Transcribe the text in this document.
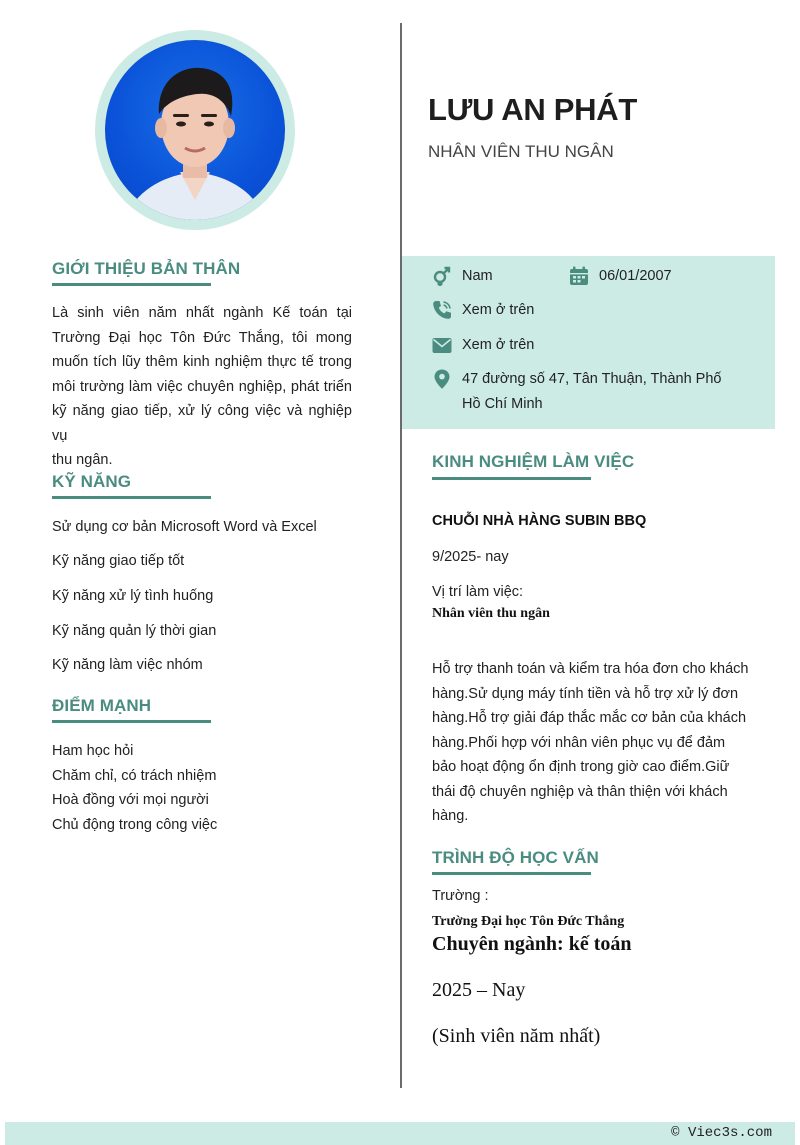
GIỚI THIỆU BẢN THÂN
Là sinh viên năm nhất ngành Kế toán tại
Trường Đại học Tôn Đức Thắng, tôi mong
muốn tích lũy thêm kinh nghiệm thực tế trong
môi trường làm việc chuyên nghiệp, phát triển
kỹ năng giao tiếp, xử lý công việc và nghiệp vụ
thu ngân.
KỸ NĂNG
Sử dụng cơ bản Microsoft Word và Excel
Kỹ năng giao tiếp tốt
Kỹ năng xử lý tình huống
Kỹ năng quản lý thời gian
Kỹ năng làm việc nhóm
ĐIỂM MẠNH
Ham học hỏi
Chăm chỉ, có trách nhiệm
Hoà đồng với mọi người
Chủ động trong công việc
LƯU AN PHÁT
NHÂN VIÊN THU NGÂN
Nam	06/01/2007
Xem ở trên
Xem ở trên
47 đường số 47, Tân Thuận, Thành Phố
Hồ Chí Minh
KINH NGHIỆM LÀM VIỆC
CHUỖI NHÀ HÀNG SUBIN BBQ
9/2025- nay
Vị trí làm việc:
Nhân viên thu ngân
Hỗ trợ thanh toán và kiểm tra hóa đơn cho khách
hàng.Sử dụng máy tính tiền và hỗ trợ xử lý đơn
hàng.Hỗ trợ giải đáp thắc mắc cơ bản của khách
hàng.Phối hợp với nhân viên phục vụ để đảm
bảo hoạt động ổn định trong giờ cao điểm.Giữ
thái độ chuyên nghiệp và thân thiện với khách
hàng.
TRÌNH ĐỘ HỌC VẤN
Trường :
Trường Đại học Tôn Đức Thắng
Chuyên ngành: kế toán
2025 – Nay
(Sinh viên năm nhất)
© Viec3s.com
